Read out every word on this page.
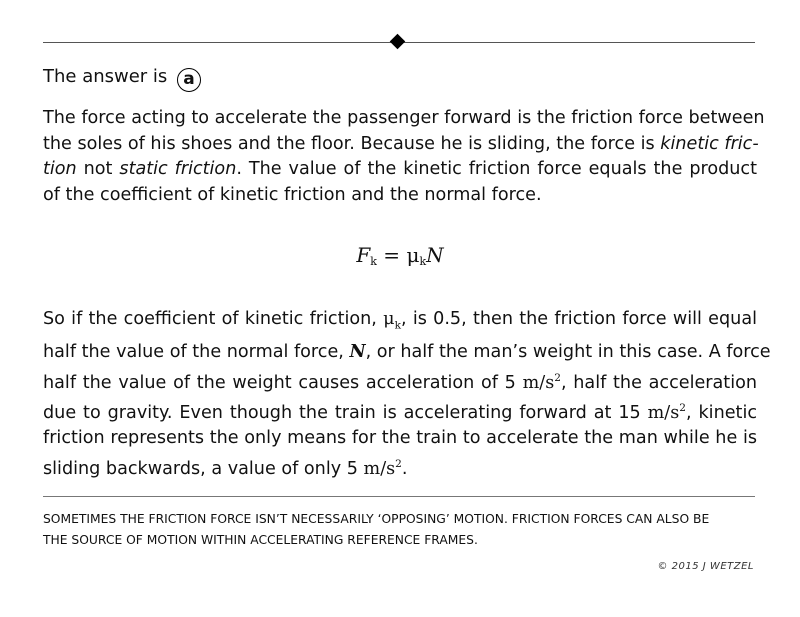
The answer is a
The force acting to accelerate the passenger forward is the friction force between
the soles of his shoes and the floor. Because he is sliding, the force is kinetic fric-
tion not static friction. The value of the kinetic friction force equals the product
of the coefficient of kinetic friction and the normal force.
$F_k = \mu_kN$
So if the coefficient of kinetic friction, $\mu_k$, is 0.5, then the friction force will equal
half the value of the normal force, N, or half the man’s weight in this case. A force
half the value of the weight causes acceleration of 5 $m/s^2$, half the acceleration
due to gravity. Even though the train is accelerating forward at 15 $m/s^2$, kinetic
friction represents the only means for the train to accelerate the man while he is
sliding backwards, a value of only 5 $m/s^2$.
SOMETIMES THE FRICTION FORCE ISN’T NECESSARILY ‘OPPOSING’ MOTION. FRICTION FORCES CAN ALSO BE
THE SOURCE OF MOTION WITHIN ACCELERATING REFERENCE FRAMES.
© 2015 J WETZEL
